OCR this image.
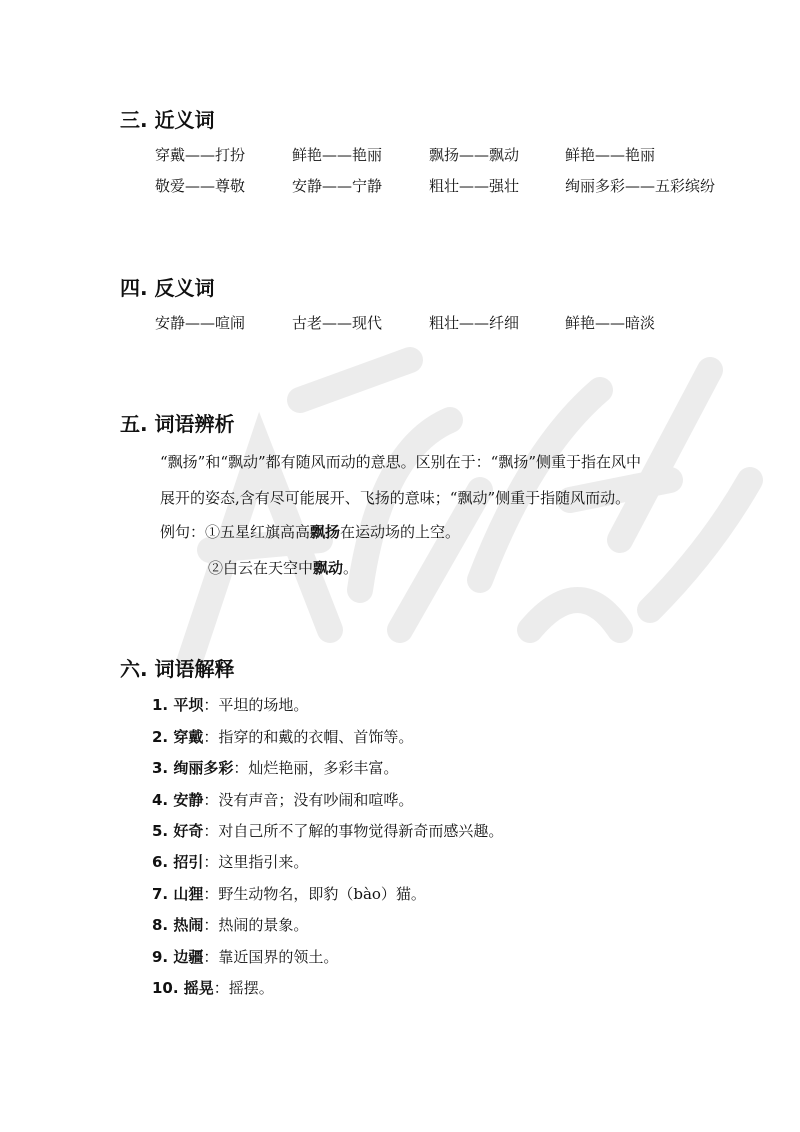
三. 近义词
穿戴——打扮	鲜艳——艳丽	飘扬——飘动	鲜艳——艳丽
敬爱——尊敬	安静——宁静	粗壮——强壮	绚丽多彩——五彩缤纷
四. 反义词
安静——喧闹	古老——现代	粗壮——纤细	鲜艳——暗淡
五. 词语辨析
“飘扬”和“飘动”都有随风而动的意思。区别在于：“飘扬”侧重于指在风中
展开的姿态,含有尽可能展开、飞扬的意味；“飘动”侧重于指随风而动。
例句：①五星红旗高高飘扬在运动场的上空。
②白云在天空中飘动。
六. 词语解释
1. 平坝：平坦的场地。
2. 穿戴：指穿的和戴的衣帽、首饰等。
3. 绚丽多彩：灿烂艳丽，多彩丰富。
4. 安静：没有声音；没有吵闹和喧哗。
5. 好奇：对自己所不了解的事物觉得新奇而感兴趣。
6. 招引：这里指引来。
7. 山狸：野生动物名，即豹（bào）猫。
8. 热闹：热闹的景象。
9. 边疆：靠近国界的领土。
10. 摇晃：摇摆。
